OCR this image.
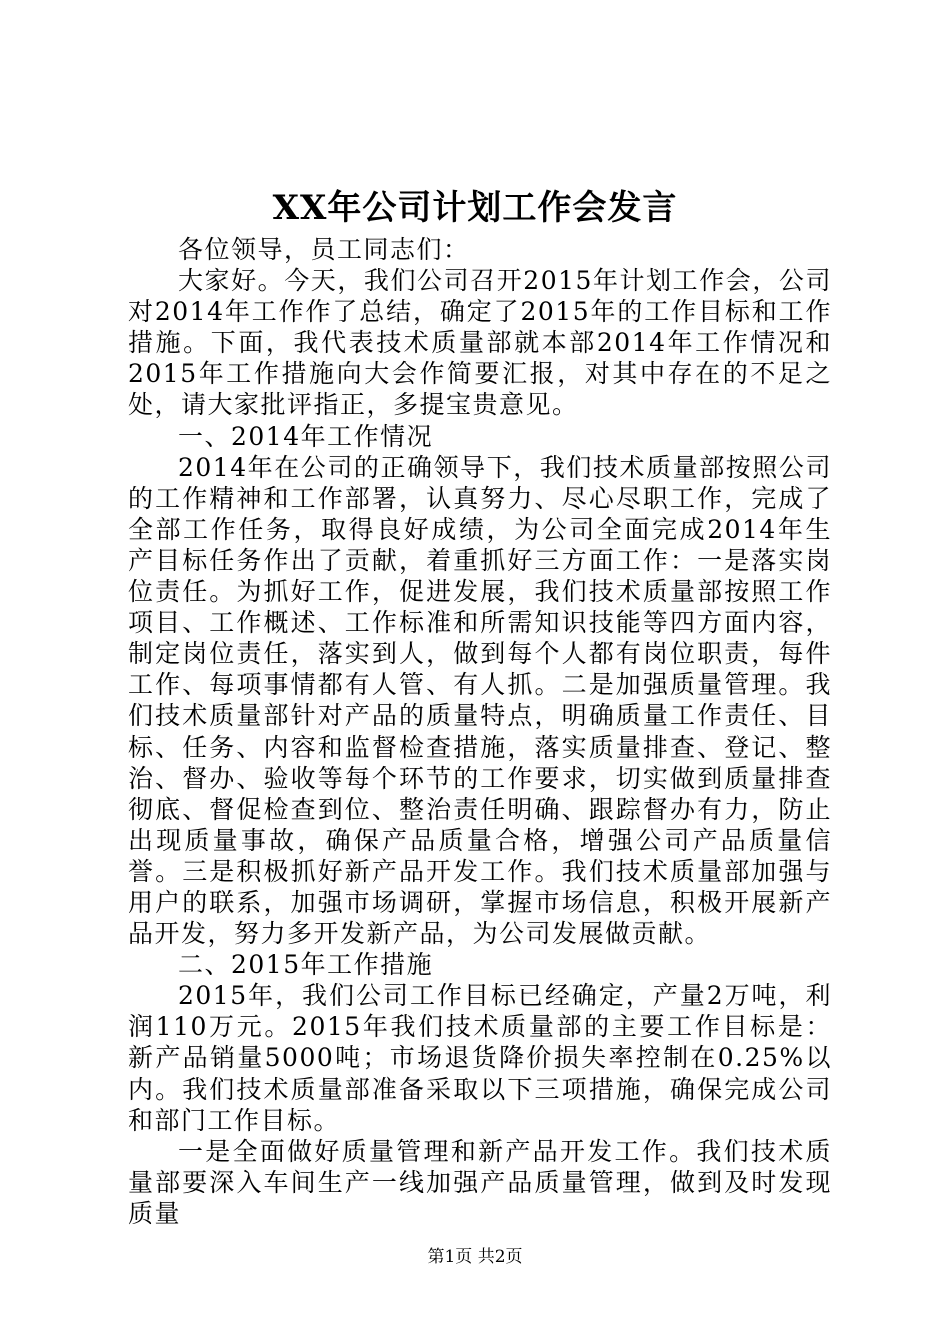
XX年公司计划工作会发言

各位领导，员工同志们：

大家好。今天，我们公司召开2015年计划工作会，公司对2014年工作作了总结，确定了2015年的工作目标和工作措施。下面，我代表技术质量部就本部2014年工作情况和2015年工作措施向大会作简要汇报，对其中存在的不足之处，请大家批评指正，多提宝贵意见。

一、2014年工作情况

2014年在公司的正确领导下，我们技术质量部按照公司的工作精神和工作部署，认真努力、尽心尽职工作，完成了全部工作任务，取得良好成绩，为公司全面完成2014年生产目标任务作出了贡献，着重抓好三方面工作：一是落实岗位责任。为抓好工作，促进发展，我们技术质量部按照工作项目、工作概述、工作标准和所需知识技能等四方面内容，制定岗位责任，落实到人，做到每个人都有岗位职责，每件工作、每项事情都有人管、有人抓。二是加强质量管理。我们技术质量部针对产品的质量特点，明确质量工作责任、目标、任务、内容和监督检查措施，落实质量排查、登记、整治、督办、验收等每个环节的工作要求，切实做到质量排查彻底、督促检查到位、整治责任明确、跟踪督办有力，防止出现质量事故，确保产品质量合格，增强公司产品质量信誉。三是积极抓好新产品开发工作。我们技术质量部加强与用户的联系，加强市场调研，掌握市场信息，积极开展新产品开发，努力多开发新产品，为公司发展做贡献。

二、2015年工作措施

2015年，我们公司工作目标已经确定，产量2万吨，利润110万元。2015年我们技术质量部的主要工作目标是：新产品销量5000吨；市场退货降价损失率控制在0.25%以内。我们技术质量部准备采取以下三项措施，确保完成公司和部门工作目标。

一是全面做好质量管理和新产品开发工作。我们技术质量部要深入车间生产一线加强产品质量管理，做到及时发现质量

第1页 共2页
